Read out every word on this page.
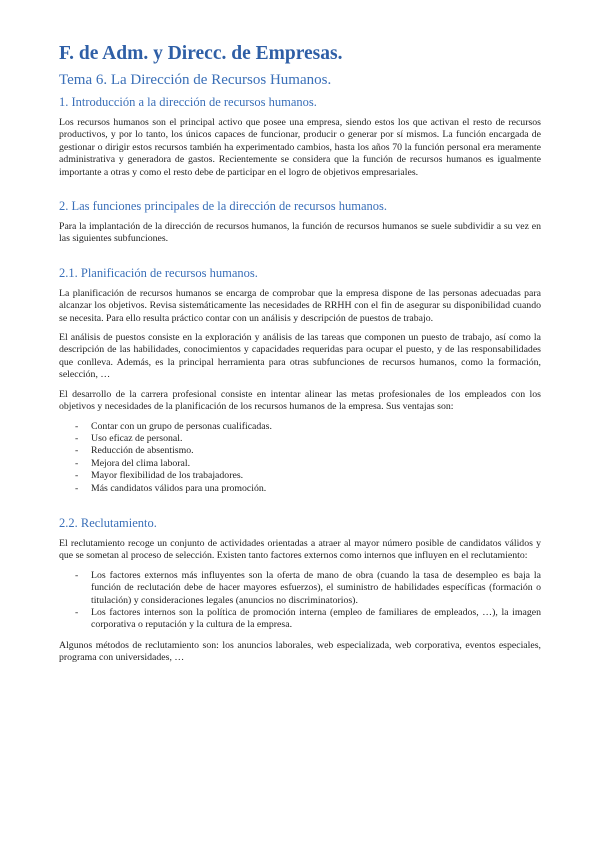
F. de Adm. y Direcc. de Empresas.
Tema 6. La Dirección de Recursos Humanos.
1. Introducción a la dirección de recursos humanos.

Los recursos humanos son el principal activo que posee una empresa, siendo estos los que activan el resto de recursos productivos, y por lo tanto, los únicos capaces de funcionar, producir o generar por sí mismos. La función encargada de gestionar o dirigir estos recursos también ha experimentado cambios, hasta los años 70 la función personal era meramente administrativa y generadora de gastos. Recientemente se considera que la función de recursos humanos es igualmente importante a otras y como el resto debe de participar en el logro de objetivos empresariales.

2. Las funciones principales de la dirección de recursos humanos.

Para la implantación de la dirección de recursos humanos, la función de recursos humanos se suele subdividir a su vez en las siguientes subfunciones.

2.1. Planificación de recursos humanos.

La planificación de recursos humanos se encarga de comprobar que la empresa dispone de las personas adecuadas para alcanzar los objetivos. Revisa sistemáticamente las necesidades de RRHH con el fin de asegurar su disponibilidad cuando se necesita. Para ello resulta práctico contar con un análisis y descripción de puestos de trabajo.

El análisis de puestos consiste en la exploración y análisis de las tareas que componen un puesto de trabajo, así como la descripción de las habilidades, conocimientos y capacidades requeridas para ocupar el puesto, y de las responsabilidades que conlleva. Además, es la principal herramienta para otras subfunciones de recursos humanos, como la formación, selección, …

El desarrollo de la carrera profesional consiste en intentar alinear las metas profesionales de los empleados con los objetivos y necesidades de la planificación de los recursos humanos de la empresa. Sus ventajas son:

- Contar con un grupo de personas cualificadas.
- Uso eficaz de personal.
- Reducción de absentismo.
- Mejora del clima laboral.
- Mayor flexibilidad de los trabajadores.
- Más candidatos válidos para una promoción.
2.2. Reclutamiento.

El reclutamiento recoge un conjunto de actividades orientadas a atraer al mayor número posible de candidatos válidos y que se sometan al proceso de selección. Existen tanto factores externos como internos que influyen en el reclutamiento:

- Los factores externos más influyentes son la oferta de mano de obra (cuando la tasa de desempleo es baja la función de reclutación debe de hacer mayores esfuerzos), el suministro de habilidades específicas (formación o titulación) y consideraciones legales (anuncios no discriminatorios).
- Los factores internos son la política de promoción interna (empleo de familiares de empleados, …), la imagen corporativa o reputación y la cultura de la empresa.

Algunos métodos de reclutamiento son: los anuncios laborales, web especializada, web corporativa, eventos especiales, programa con universidades, …
